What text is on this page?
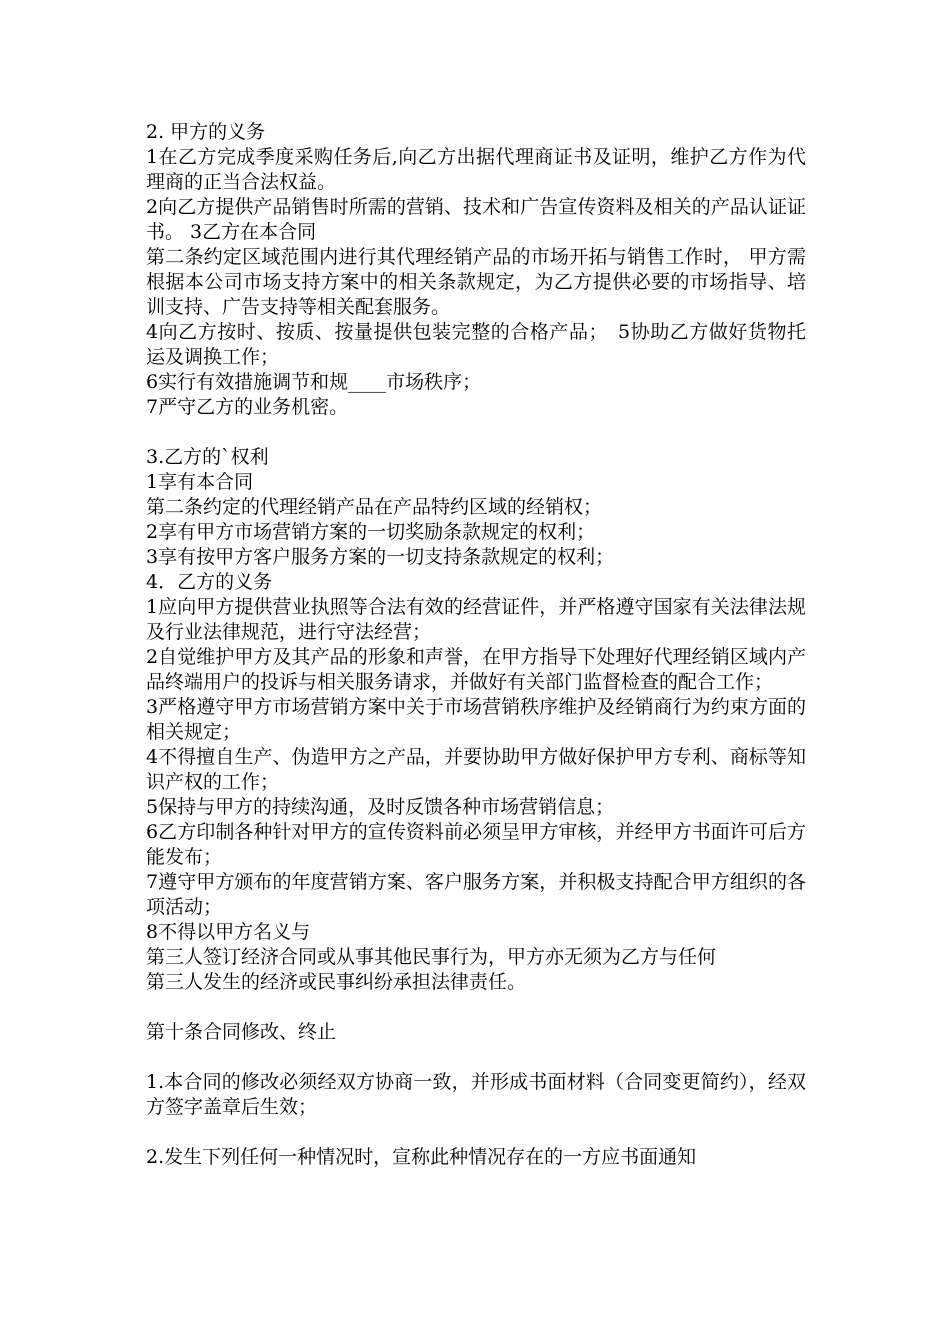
2. 甲方的义务

1在乙方完成季度采购任务后,向乙方出据代理商证书及证明，维护乙方作为代理商的正当合法权益。

2向乙方提供产品销售时所需的营销、技术和广告宣传资料及相关的产品认证证书。 3乙方在本合同

第二条约定区域范围内进行其代理经销产品的市场开拓与销售工作时， 甲方需根据本公司市场支持方案中的相关条款规定，为乙方提供必要的市场指导、培训支持、广告支持等相关配套服务。

4向乙方按时、按质、按量提供包装完整的合格产品；　5协助乙方做好货物托运及调换工作；

6实行有效措施调节和规____市场秩序；

7严守乙方的业务机密。

3.乙方的`权利

1享有本合同

第二条约定的代理经销产品在产品特约区域的经销权；

2享有甲方市场营销方案的一切奖励条款规定的权利；

3享有按甲方客户服务方案的一切支持条款规定的权利；

4．乙方的义务

1应向甲方提供营业执照等合法有效的经营证件，并严格遵守国家有关法律法规及行业法律规范，进行守法经营；

2自觉维护甲方及其产品的形象和声誉，在甲方指导下处理好代理经销区域内产品终端用户的投诉与相关服务请求，并做好有关部门监督检查的配合工作；

3严格遵守甲方市场营销方案中关于市场营销秩序维护及经销商行为约束方面的相关规定；

4不得擅自生产、伪造甲方之产品，并要协助甲方做好保护甲方专利、商标等知识产权的工作；

5保持与甲方的持续沟通，及时反馈各种市场营销信息；

6乙方印制各种针对甲方的宣传资料前必须呈甲方审核，并经甲方书面许可后方能发布；

7遵守甲方颁布的年度营销方案、客户服务方案，并积极支持配合甲方组织的各项活动；

8不得以甲方名义与

第三人签订经济合同或从事其他民事行为，甲方亦无须为乙方与任何

第三人发生的经济或民事纠纷承担法律责任。

第十条合同修改、终止

1.本合同的修改必须经双方协商一致，并形成书面材料（合同变更简约），经双方签字盖章后生效；

2.发生下列任何一种情况时，宣称此种情况存在的一方应书面通知
